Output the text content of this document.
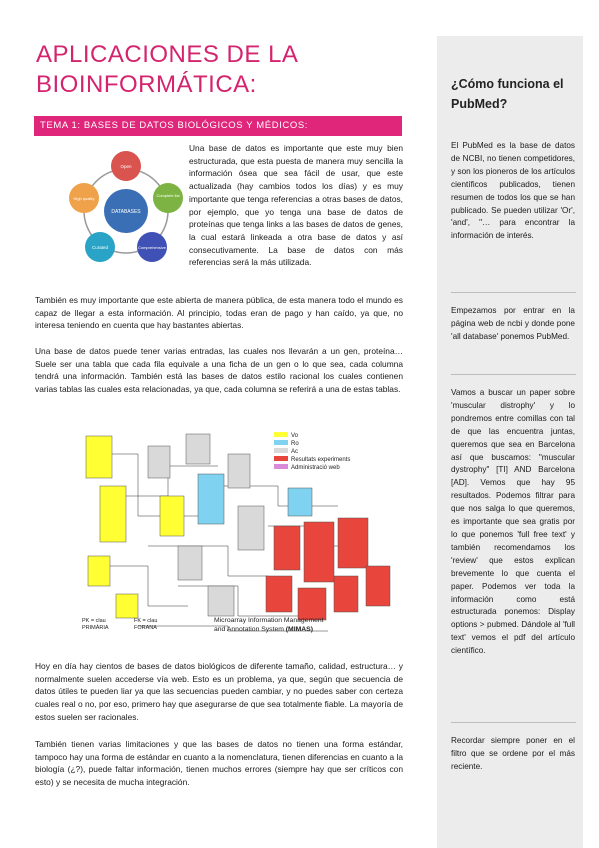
APLICACIONES DE LA
BIOINFORMÁTICA:
TEMA 1: BASES DE DATOS BIOLÓGICOS Y MÉDICOS:
DATABASES
Open
Complete list
Comprehensive
Curated
High quality

Una base de datos es importante que este muy bien estructurada, que esta puesta de manera muy sencilla la información ósea que sea fácil de usar, que este actualizada (hay cambios todos los días) y es muy importante que tenga referencias a otras bases de datos, por ejemplo, que yo tenga una base de datos de proteínas que tenga links a las bases de datos de genes, la cual estará linkeada a otra base de datos y así consecutivamente. La base de datos con más referencias será la más utilizada.

También es muy importante que este abierta de manera pública, de esta manera todo el mundo es capaz de llegar a esta información. Al principio, todas eran de pago y han caído, ya que, no interesa teniendo en cuenta que hay bastantes abiertas.

Una base de datos puede tener varias entradas, las cuales nos llevarán a un gen, proteína… Suele ser una tabla que cada fila equivale a una ficha de un gen o lo que sea, cada columna tendrá una información. También está las bases de datos estilo racional los cuales contienen varias tablas las cuales esta relacionadas, ya que, cada columna se referirá a una de estas tablas.

Vo
Ro
Ac
Resultats experiments
Administració web
PK = clau
PRIMÀRIA
FK = clau
FORANA
Microarray Information Management
and Annotation System (MIMAS)

Hoy en día hay cientos de bases de datos biológicos de diferente tamaño, calidad, estructura… y normalmente suelen accederse vía web. Esto es un problema, ya que, según que secuencia de datos útiles te pueden liar ya que las secuencias pueden cambiar, y no puedes saber con certeza cuales real o no, por eso, primero hay que asegurarse de que sea totalmente fiable. La mayoría de estos suelen ser racionales.

También tienen varias limitaciones y que las bases de datos no tienen una forma estándar, tampoco hay una forma de estándar en cuanto a la nomenclatura, tienen diferencias en cuanto a la biología (¿?), puede faltar información, tienen muchos errores (siempre hay que ser críticos con esto) y se necesita de mucha integración.

¿Cómo funciona el PubMed?

El PubMed es la base de datos de NCBI, no tienen competidores, y son los pioneros de los artículos científicos publicados, tienen resumen de todos los que se han publicado. Se pueden utilizar 'Or', 'and', "… para encontrar la información de interés.

Empezamos por entrar en la página web de ncbi y donde pone 'all database' ponemos PubMed.

Vamos a buscar un paper sobre 'muscular distrophy' y lo pondremos entre comillas con tal de que las encuentra juntas, queremos que sea en Barcelona así que buscamos: "muscular dystrophy" [TI] AND Barcelona [AD]. Vemos que hay 95 resultados. Podemos filtrar para que nos salga lo que queremos, es importante que sea gratis por lo que ponemos 'full free text' y también recomendamos los 'review' que estos explican brevemente lo que cuenta el paper. Podemos ver toda la información como está estructurada ponemos: Display options > pubmed. Dándole al 'full text' vemos el pdf del artículo científico.

Recordar siempre poner en el filtro que se ordene por el más reciente.
